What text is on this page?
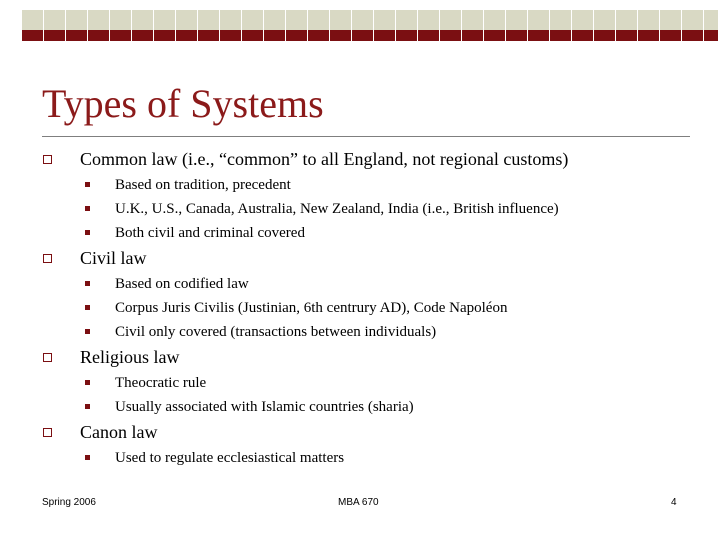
Types of Systems
Common law (i.e., “common” to all England, not regional customs)
Based on tradition, precedent
U.K., U.S., Canada, Australia, New Zealand, India (i.e., British influence)
Both civil and criminal covered
Civil law
Based on codified law
Corpus Juris Civilis (Justinian, 6th centrury AD), Code Napoléon
Civil only covered (transactions between individuals)
Religious law
Theocratic rule
Usually associated with Islamic countries (sharia)
Canon law
Used to regulate ecclesiastical matters
Spring 2006	MBA 670	4
